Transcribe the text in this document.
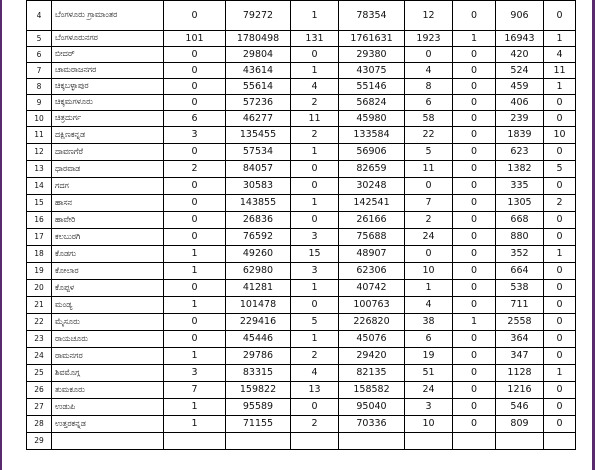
4	ಬೆಂಗಳೂರು ಗ್ರಾಮಾಂತರ	0	79272	1	78354	12	0	906	0
5	ಬೆಂಗಳೂರುನಗರ	101	1780498	131	1761631	1923	1	16943	1
6	ಬೀದರ್	0	29804	0	29380	0	0	420	4
7	ಚಾಮರಾಜನಗರ	0	43614	1	43075	4	0	524	11
8	ಚಿಕ್ಕಬಳ್ಳಾಪುರ	0	55614	4	55146	8	0	459	1
9	ಚಿಕ್ಕಮಗಳೂರು	0	57236	2	56824	6	0	406	0
10	ಚಿತ್ರದುರ್ಗ	6	46277	11	45980	58	0	239	0
11	ದಕ್ಷಿಣಕನ್ನಡ	3	135455	2	133584	22	0	1839	10
12	ದಾವಣಗೆರೆ	0	57534	1	56906	5	0	623	0
13	ಧಾರವಾಡ	2	84057	0	82659	11	0	1382	5
14	ಗದಗ	0	30583	0	30248	0	0	335	0
15	ಹಾಸನ	0	143855	1	142541	7	0	1305	2
16	ಹಾವೇರಿ	0	26836	0	26166	2	0	668	0
17	ಕಲಬುರಗಿ	0	76592	3	75688	24	0	880	0
18	ಕೊಡಗು	1	49260	15	48907	0	0	352	1
19	ಕೋಲಾರ	1	62980	3	62306	10	0	664	0
20	ಕೊಪ್ಪಳ	0	41281	1	40742	1	0	538	0
21	ಮಂಡ್ಯ	1	101478	0	100763	4	0	711	0
22	ಮೈಸೂರು	0	229416	5	226820	38	1	2558	0
23	ರಾಯಚೂರು	0	45446	1	45076	6	0	364	0
24	ರಾಮನಗರ	1	29786	2	29420	19	0	347	0
25	ಶಿವಮೊಗ್ಗ	3	83315	4	82135	51	0	1128	1
26	ತುಮಕೂರು	7	159822	13	158582	24	0	1216	0
27	ಉಡುಪಿ	1	95589	0	95040	3	0	546	0
28	ಉತ್ತರಕನ್ನಡ	1	71155	2	70336	10	0	809	0
29									
